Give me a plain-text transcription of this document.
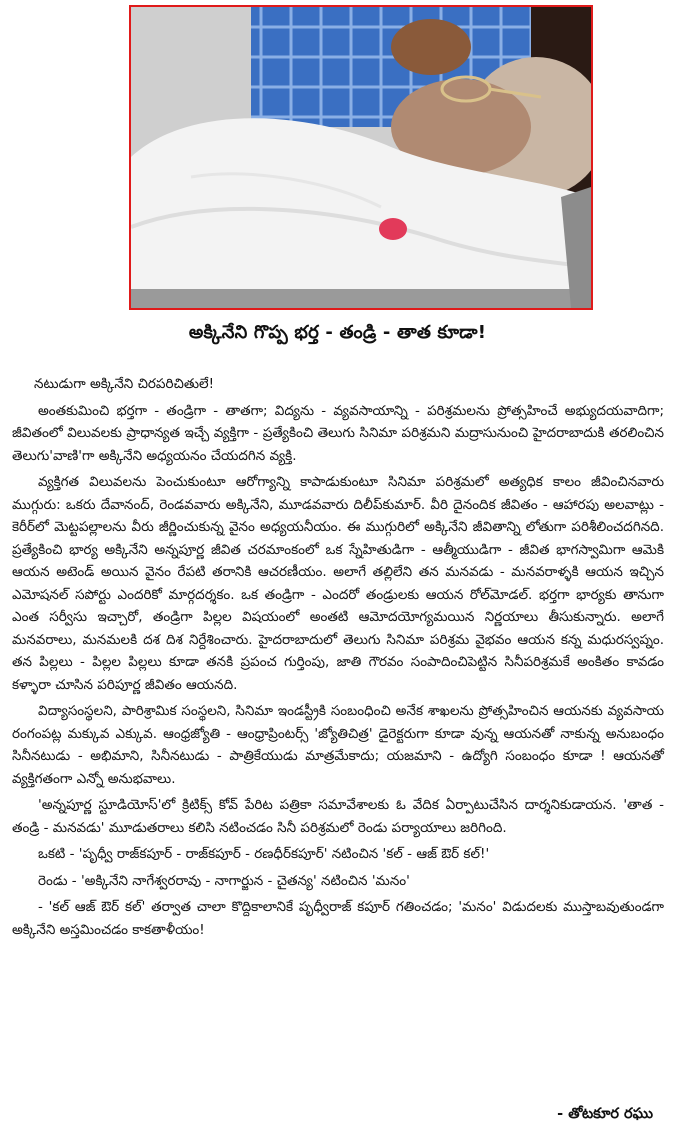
అక్కినేని గొప్ప భర్త - తండ్రి - తాత కూడా!

నటుడుగా అక్కినేని చిరపరిచితులే!

అంతకుమించి భర్తగా - తండ్రిగా - తాతగా; విద్యను - వ్యవసాయాన్ని - పరిశ్రమలను ప్రోత్సహించే అభ్యుదయవాదిగా; జీవితంలో విలువలకు ప్రాధాన్యత ఇచ్చే వ్యక్తిగా - ప్రత్యేకించి తెలుగు సినిమా పరిశ్రమని మద్రాసునుంచి హైదరాబాదుకి తరలించిన తెలుగు'వాణి'గా అక్కినేని అధ్యయనం చేయదగిన వ్యక్తి.

వ్యక్తిగత విలువలను పెంచుకుంటూ ఆరోగ్యాన్ని కాపాడుకుంటూ సినిమా పరిశ్రమలో అత్యధిక కాలం జీవించినవారు ముగ్గురు: ఒకరు దేవానంద్, రెండవవారు అక్కినేని, మూడవవారు దిలీప్‌కుమార్. వీరి దైనందిక జీవితం - ఆహారపు అలవాట్లు - కెరీర్‌లో మెట్టపల్లాలను వీరు జీర్ణించుకున్న వైనం అధ్యయనీయం. ఈ ముగ్గురిలో అక్కినేని జీవితాన్ని లోతుగా పరిశీలించదగినది. ప్రత్యేకించి భార్య అక్కినేని అన్నపూర్ణ జీవిత చరమాంకంలో ఒక స్నేహితుడిగా - ఆత్మీయుడిగా - జీవిత భాగస్వామిగా ఆమెకి ఆయన అటెండ్ అయిన వైనం రేపటి తరానికి ఆచరణీయం. అలాగే తల్లిలేని తన మనవడు - మనవరాళ్ళకి ఆయన ఇచ్చిన ఎమోషనల్ సపోర్టు ఎందరికో మార్గదర్శకం. ఒక తండ్రిగా - ఎందరో తండ్రులకు ఆయన రోల్‌మోడల్. భర్తగా భార్యకు తానుగా ఎంత సర్వీసు ఇచ్చారో, తండ్రిగా పిల్లల విషయంలో అంతటి ఆమోదయోగ్యమయిన నిర్ణయాలు తీసుకున్నారు. అలాగే మనవరాలు, మనమలకి దశ దిశ నిర్దేశించారు. హైదరాబాదులో తెలుగు సినిమా పరిశ్రమ వైభవం ఆయన కన్న మధురస్వప్నం. తన పిల్లలు - పిల్లల పిల్లలు కూడా తనకి ప్రపంచ గుర్తింపు, జాతి గౌరవం సంపాదించిపెట్టిన సినీపరిశ్రమకే అంకితం కావడం కళ్ళారా చూసిన పరిపూర్ణ జీవితం ఆయనది.

విద్యాసంస్థలని, పారిశ్రామిక సంస్థలని, సినిమా ఇండస్ట్రీకి సంబంధించి అనేక శాఖలను ప్రోత్సహించిన ఆయనకు వ్యవసాయ రంగంపట్ల మక్కువ ఎక్కువ. ఆంధ్రజ్యోతి - ఆంధ్రాప్రింటర్స్ 'జ్యోతిచిత్ర' డైరెక్టరుగా కూడా వున్న ఆయనతో నాకున్న అనుబంధం సినీనటుడు - అభిమాని, సినీనటుడు - పాత్రికేయుడు మాత్రమేకాదు; యజమాని - ఉద్యోగి సంబంధం కూడా ! ఆయనతో వ్యక్తిగతంగా ఎన్నో అనుభవాలు.

'అన్నపూర్ణ స్టూడియోస్'లో క్రిటిక్స్ కోవ్ పేరిట పత్రికా సమావేశాలకు ఓ వేదిక ఏర్పాటుచేసిన దార్శనికుడాయన. 'తాత - తండ్రి - మనవడు' మూడుతరాలు కలిసి నటించడం సినీ పరిశ్రమలో రెండు పర్యాయాలు జరిగింది.

ఒకటి - 'పృధ్వీ రాజ్‌కపూర్ - రాజ్‌కపూర్ - రణధీర్‌కపూర్' నటించిన 'కల్ - ఆజ్ ఔర్ కల్!'

రెండు - 'అక్కినేని నాగేశ్వరరావు - నాగార్జున - చైతన్య' నటించిన 'మనం'

- 'కల్ ఆజ్ ఔర్ కల్' తర్వాత చాలా కొద్దికాలానికే పృధ్వీరాజ్ కపూర్ గతించడం; 'మనం' విడుదలకు ముస్తాబవుతుండగా అక్కినేని అస్తమించడం కాకతాళీయం!

- తోటకూర రఘు
